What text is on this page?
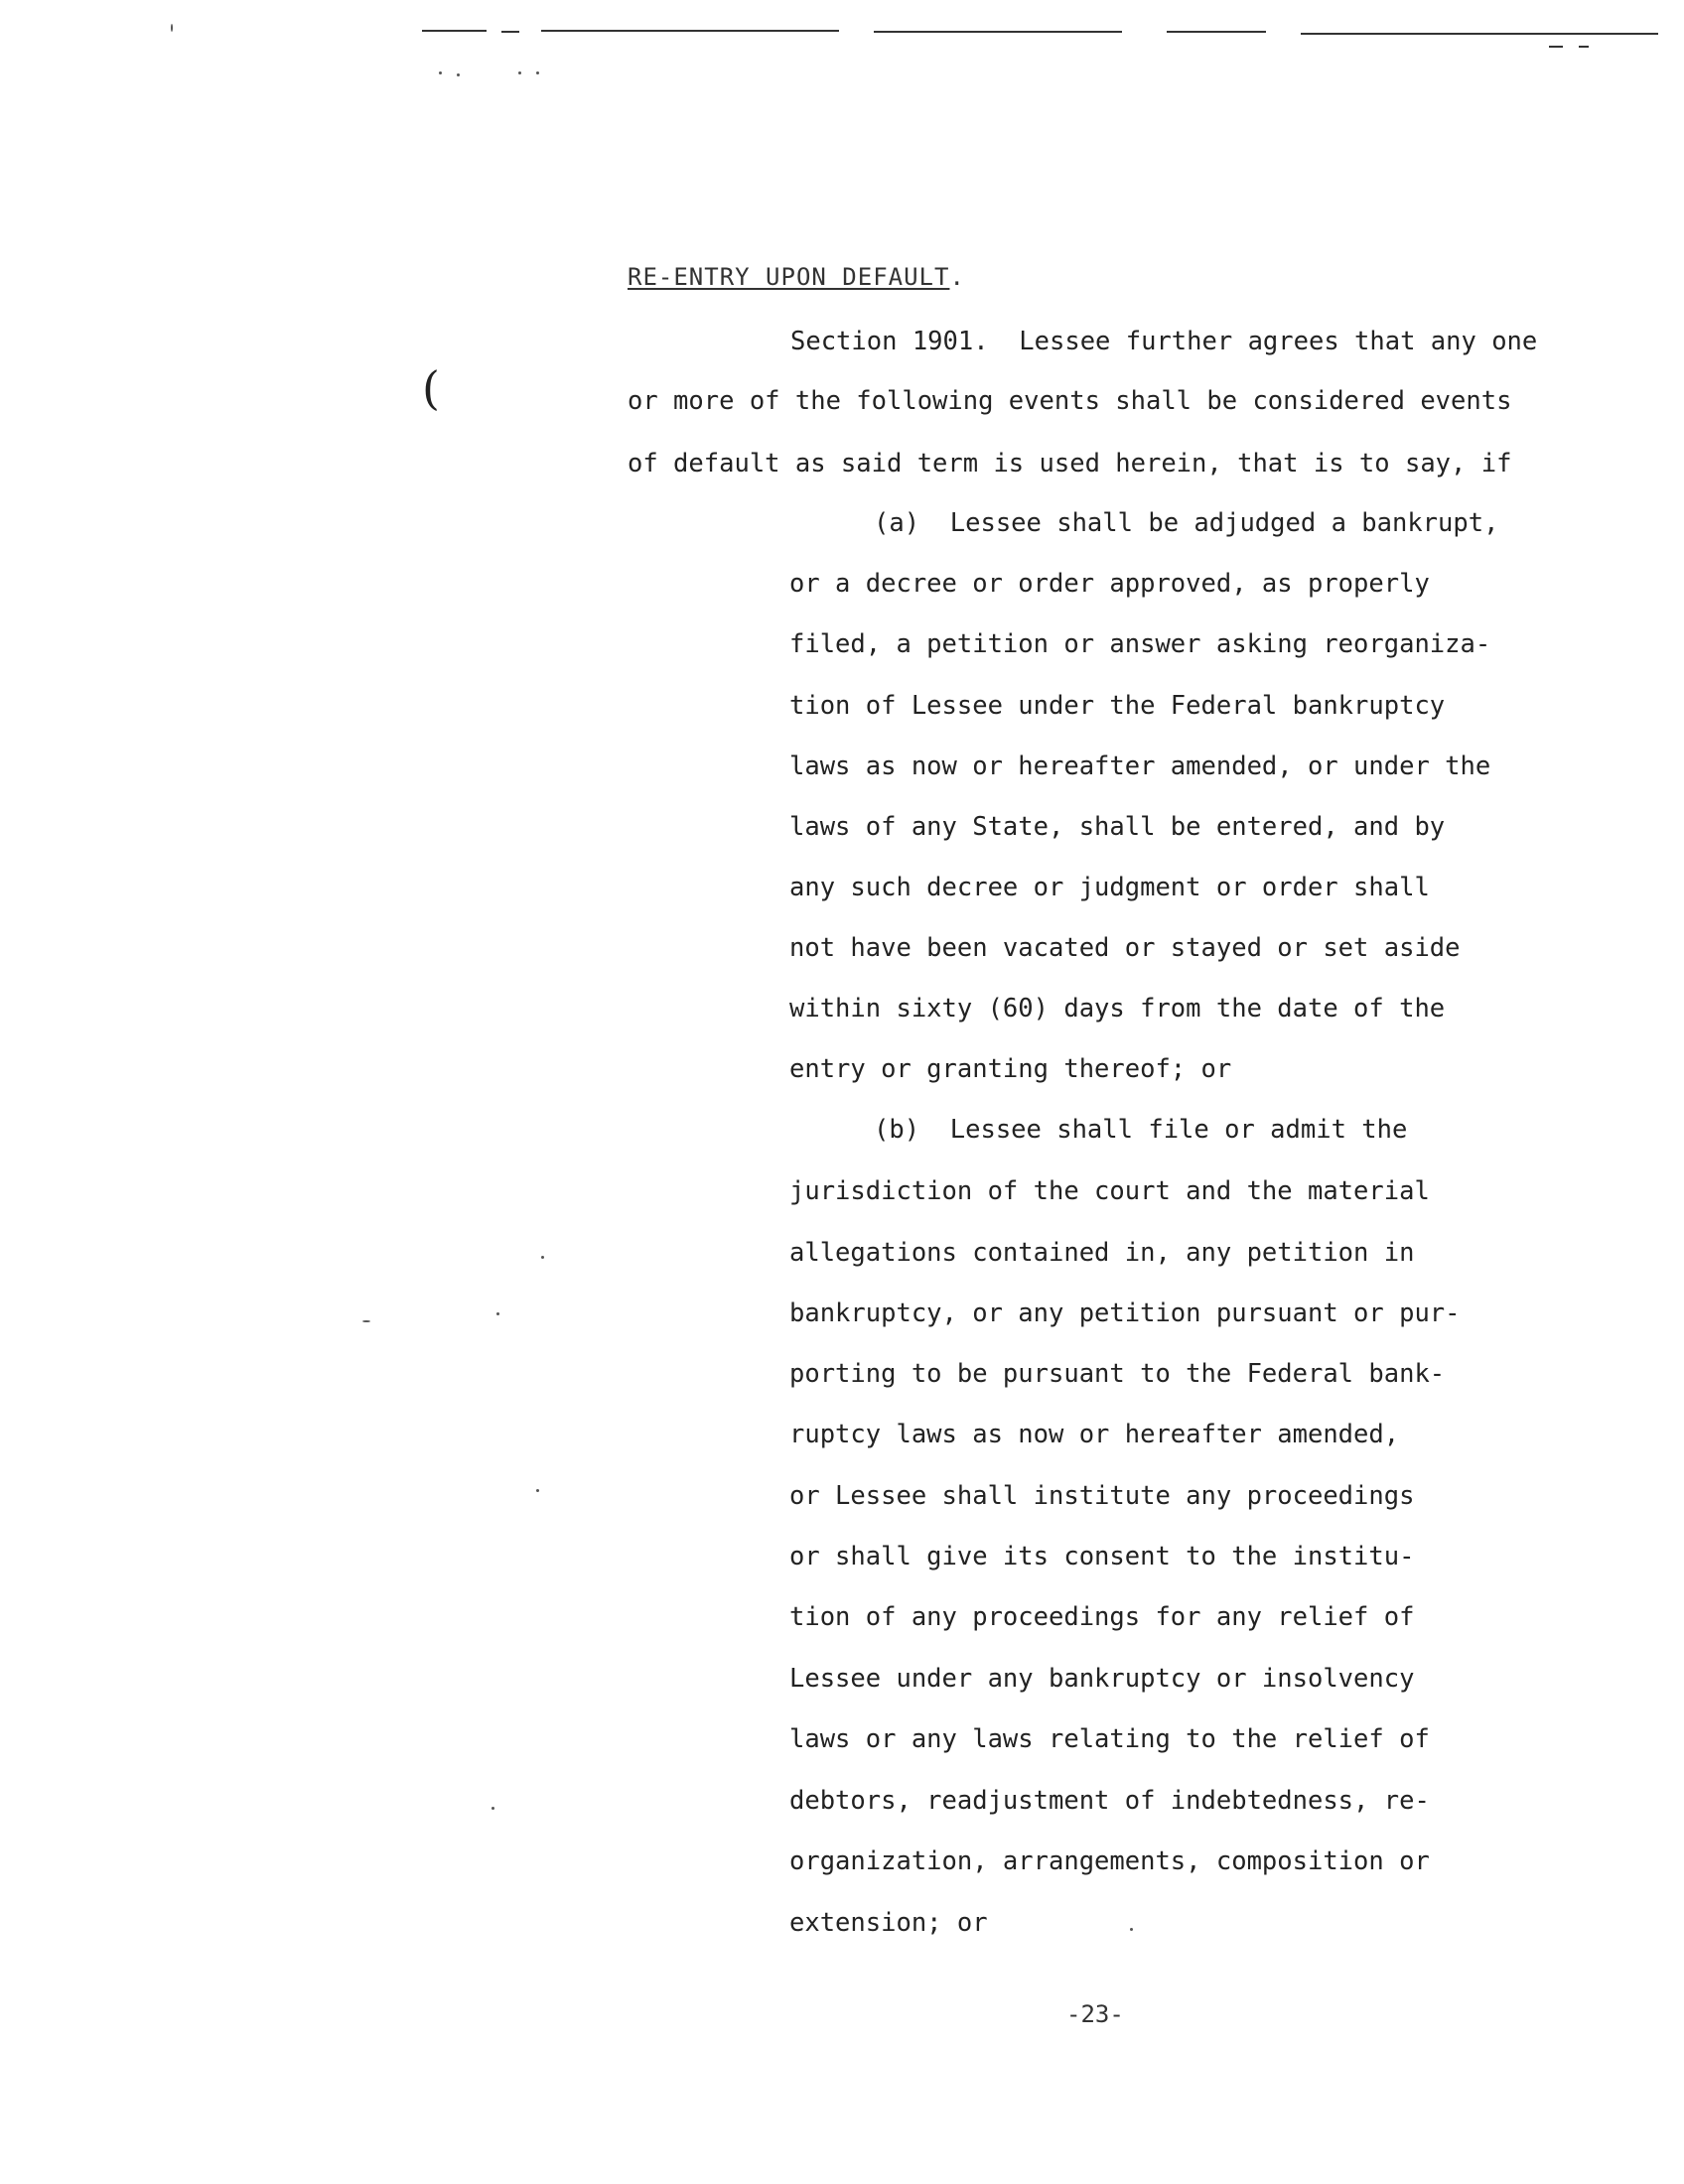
(
RE-ENTRY UPON DEFAULT.
Section 1901.  Lessee further agrees that any one
or more of the following events shall be considered events
of default as said term is used herein, that is to say, if
(a)  Lessee shall be adjudged a bankrupt,
or a decree or order approved, as properly
filed, a petition or answer asking reorganiza-
tion of Lessee under the Federal bankruptcy
laws as now or hereafter amended, or under the
laws of any State, shall be entered, and by
any such decree or judgment or order shall
not have been vacated or stayed or set aside
within sixty (60) days from the date of the
entry or granting thereof; or
(b)  Lessee shall file or admit the
jurisdiction of the court and the material
allegations contained in, any petition in
bankruptcy, or any petition pursuant or pur-
porting to be pursuant to the Federal bank-
ruptcy laws as now or hereafter amended,
or Lessee shall institute any proceedings
or shall give its consent to the institu-
tion of any proceedings for any relief of
Lessee under any bankruptcy or insolvency
laws or any laws relating to the relief of
debtors, readjustment of indebtedness, re-
organization, arrangements, composition or
extension; or
-23-
